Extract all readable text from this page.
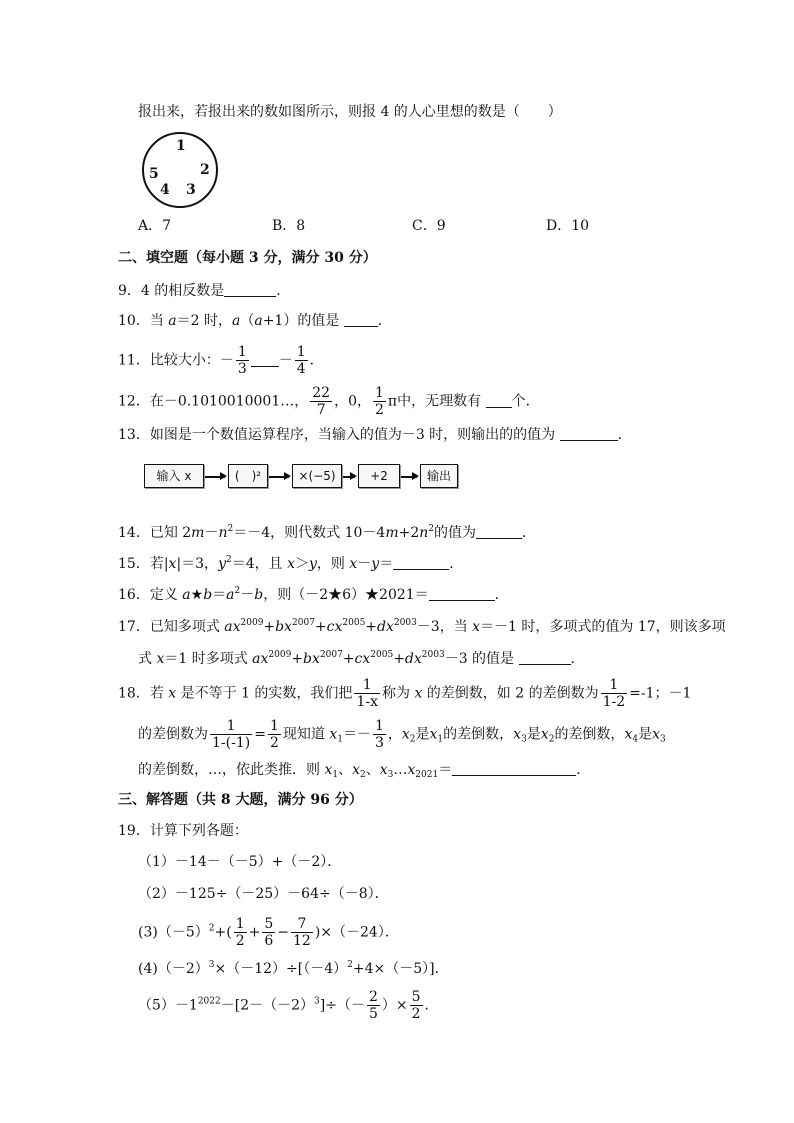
报出来，若报出来的数如图所示，则报 4 的人心里想的数是（　　）
1
2
3
4
5
A．7	B．8	C．9	D．10
二、填空题（每小题 3 分，满分 30 分）
9．4 的相反数是	．
10．当 a＝2 时，a（a+1）的值是 ．
11．比较大小：－ $\frac{1}{3} - \frac{1}{4}$ ．
12．在－0.1010010001…， $\frac{22}{7}$ ，0， $\frac{1}{2}$ π中，无理数有 个．
13．如图是一个数值运算程序，当输入的值为－3 时，则输出的的值为	．
输入 x	(　)²	×(−5)	+2	输出
14．已知 $2m-n^2=-4$，则代数式 $10-4m+2n^2$的值为	．
15．若|x|＝3，$y^2=4$，且 x＞y，则 x－y＝	．
16．定义 $a★b=a^2-b$，则（－2★6）★2021＝	．
17．已知多项式 $ax^{2009}+bx^{2007}+cx^{2005}+dx^{2003}-3$，当 x＝－1 时，多项式的值为 17，则该多项
式 x＝1 时多项式 $ax^{2009}+bx^{2007}+cx^{2005}+dx^{2003}-3$ 的值是	．
18．若 x 是不等于 1 的实数，我们把 $\frac{1}{1-x}$ 称为 x 的差倒数，如 2 的差倒数为 $\frac{1}{1-2} =-1$；－1
的差倒数为 $\frac{1}{1-(-1)} = \frac{1}{2}$ 现知道 $x_1=- \frac{1}{3}$ ，$x_2$是$x_1$的差倒数，$x_3$是$x_2$的差倒数，$x_4$是$x_3$
的差倒数，…，依此类推．则 $x_1$、$x_2$、$x_3\dots x_{2021}=$	．
三、解答题（共 8 大题，满分 96 分）
19．计算下列各题：
（1）－14－（－5）+（－2）．
（2）－125÷（－25）－64÷（－8）．
$(3)(-5)^2+( \frac{1}{2} + \frac{5}{6} - \frac{7}{12} )\times(-24)$．
$(4)(-2)^3\times(-12)\div[(-4)^2+4\times(-5)]$．
$(5)-1^{2022}-[2-(-2)^3]\div(- \frac{2}{5}$ ）× $\frac{5}{2}$ ．
